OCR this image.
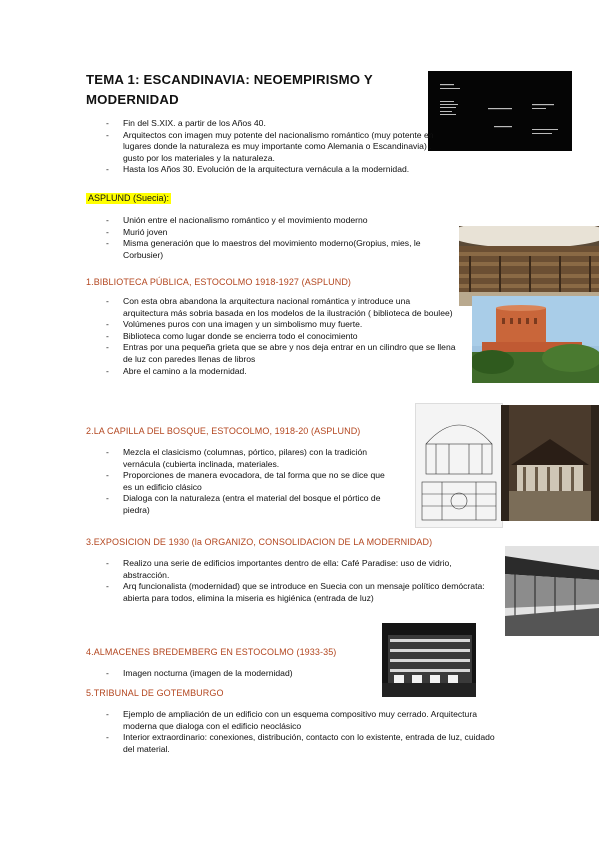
TEMA 1: ESCANDINAVIA: NEOEMPIRISMO Y MODERNIDAD
- Fin del S.XIX. a partir de los Años 40.
- Arquitectos con imagen muy potente del nacionalismo romántico (muy potente en lugares donde la naturaleza es muy importante como Alemania o Escandinavia) . gusto por los materiales y la naturaleza.
- Hasta los Años 30. Evolución de la arquitectura vernácula a la modernidad.
ASPLUND (Suecia):
- Unión entre el nacionalismo romántico y el movimiento moderno
- Murió joven
- Misma generación que lo maestros del movimiento moderno(Gropius, mies, le Corbusier)
1.BIBLIOTECA PÚBLICA, ESTOCOLMO 1918-1927 (ASPLUND)
- Con esta obra abandona la arquitectura nacional romántica y introduce una arquitectura más sobria basada en los modelos de la ilustración ( biblioteca de boulee)
- Volúmenes puros con una imagen y un simbolismo muy fuerte.
- Biblioteca como lugar donde se encierra todo el conocimiento
- Entras por una pequeña grieta que se abre y nos deja entrar en un cilindro que se llena de luz con paredes llenas de libros
- Abre el camino a la modernidad.
2.LA CAPILLA DEL BOSQUE, ESTOCOLMO, 1918-20 (ASPLUND)
- Mezcla el clasicismo (columnas, pórtico, pilares) con la tradición vernácula (cubierta inclinada, materiales.
- Proporciones de manera evocadora, de tal forma que no se dice que es un edificio clásico
- Dialoga con la naturaleza (entra el material del bosque el pórtico de piedra)
3.EXPOSICION DE 1930 (la ORGANIZO, CONSOLIDACION DE LA MODERNIDAD)
- Realizo una serie de edificios importantes dentro de ella: Café Paradise: uso de vidrio, abstracción.
- Arq funcionalista (modernidad) que se introduce en Suecia con un mensaje político demócrata: abierta para todos, elimina la miseria es higiénica (entrada de luz)
4.ALMACENES BREDEMBERG EN ESTOCOLMO (1933-35)
- Imagen nocturna (imagen de la modernidad)
5.TRIBUNAL DE GOTEMBURGO
- Ejemplo de ampliación de un edificio con un esquema compositivo muy cerrado. Arquitectura moderna que dialoga con el edificio neoclásico
- Interior extraordinario: conexiones, distribución, contacto con lo existente, entrada de luz, cuidado del material.
